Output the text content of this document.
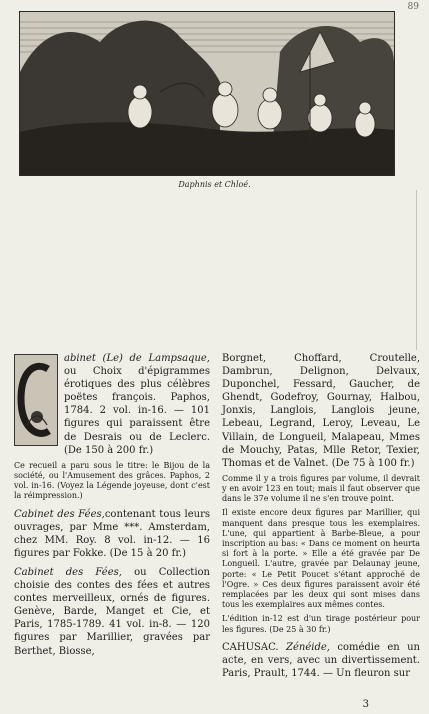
89
Daphnis et Chloé.

abinet (Le) de Lampsaque, ou Choix d'épigrammes érotiques des plus célèbres poëtes françois. Paphos, 1784. 2 vol. in-16. — 101 figures qui paraissent être de Desrais ou de Leclerc. (De 150 à 200 fr.)

Ce recueil a paru sous le titre: le Bijou de la société, ou l'Amusement des grâces. Paphos, 2 vol. in-16. (Voyez la Légende joyeuse, dont c'est la réimpression.)

Cabinet des Fées,contenant tous leurs ouvrages, par Mme ***. Amsterdam, chez MM. Roy. 8 vol. in-12. — 16 figures par Fokke. (De 15 à 20 fr.)

Cabinet des Fées, ou Collection choisie des contes des fées et autres contes merveilleux, ornés de figures. Genève, Barde, Manget et Cie, et Paris, 1785-1789. 41 vol. in-8. — 120 figures par Marillier, gravées par Berthet, Biosse,

Borgnet, Choffard, Croutelle, Dambrun, Delignon, Delvaux, Duponchel, Fessard, Gaucher, de Ghendt, Godefroy, Gournay, Halbou, Jonxis, Langlois, Langlois jeune, Lebeau, Legrand, Leroy, Leveau, Le Villain, de Longueil, Malapeau, Mmes de Mouchy, Patas, Mlle Retor, Texier, Thomas et de Valnet. (De 75 à 100 fr.)

Comme il y a trois figures par volume, il devrait y en avoir 123 en tout; mais il faut observer que dans le 37e volume il ne s'en trouve point.

Il existe encore deux figures par Marillier, qui manquent dans presque tous les exemplaires. L'une, qui appartient à Barbe-Bleue, a pour inscription au bas: « Dans ce moment on heurta si fort à la porte. » Elle a été gravée par De Longueil. L'autre, gravée par Delaunay jeune, porte: « Le Petit Poucet s'étant approché de l'Ogre. » Ces deux figures paraissent avoir été remplacées par les deux qui sont mises dans tous les exemplaires aux mêmes contes.

L'édition in-12 est d'un tirage postérieur pour les figures. (De 25 à 30 fr.)

CAHUSAC. Zénéide, comédie en un acte, en vers, avec un divertissement. Paris, Prault, 1744. — Un fleuron sur

3
